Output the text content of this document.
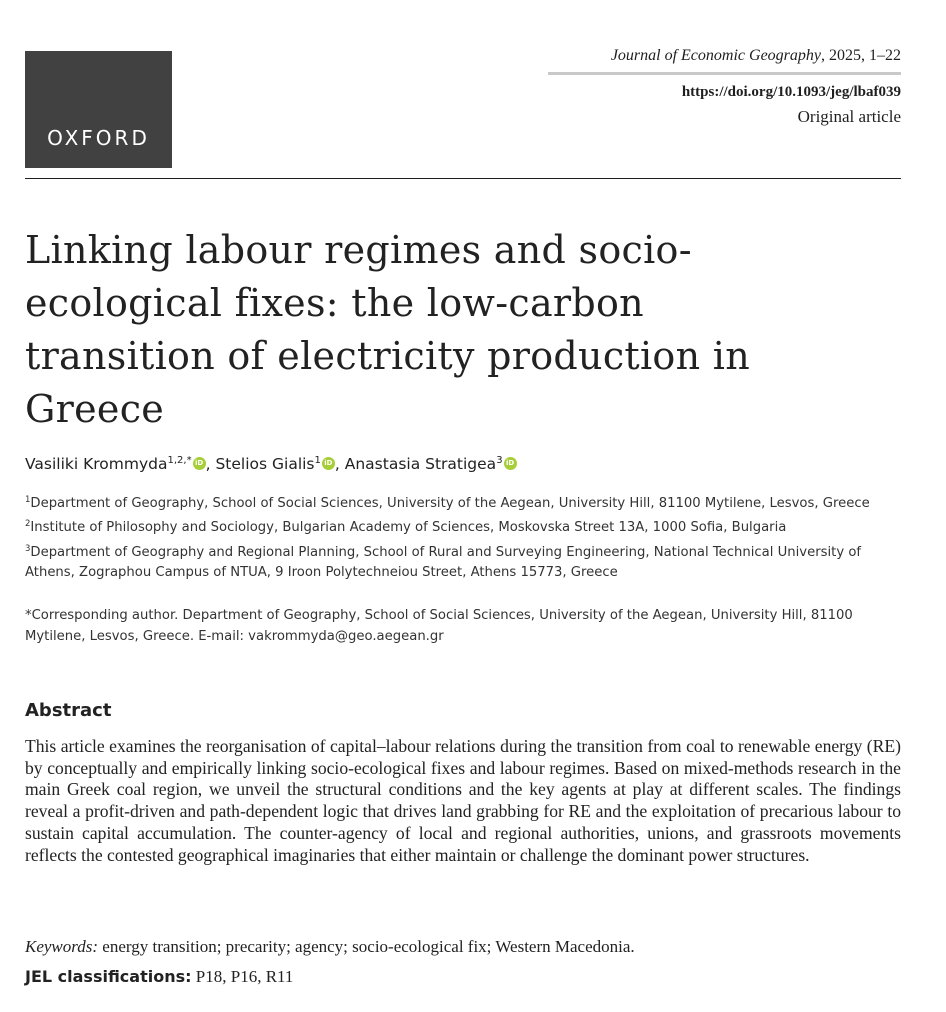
OXFORD
Journal of Economic Geography, 2025, 1–22
https://doi.org/10.1093/jeg/lbaf039
Original article
Linking labour regimes and socio-ecological fixes: the low-carbon transition of electricity production in Greece
Vasiliki Krommyda$^{1,2,*}$ iD , Stelios Gialis$^1$ iD , Anastasia Stratigea$^3$ iD

$^1$Department of Geography, School of Social Sciences, University of the Aegean, University Hill, 81100 Mytilene, Lesvos, Greece

$^2$Institute of Philosophy and Sociology, Bulgarian Academy of Sciences, Moskovska Street 13A, 1000 Sofia, Bulgaria

$^3$Department of Geography and Regional Planning, School of Rural and Surveying Engineering, National Technical University of Athens, Zographou Campus of NTUA, 9 Iroon Polytechneiou Street, Athens 15773, Greece

*Corresponding author. Department of Geography, School of Social Sciences, University of the Aegean, University Hill, 81100 Mytilene, Lesvos, Greece. E-mail: vakrommyda@geo.aegean.gr
Abstract
This article examines the reorganisation of capital–labour relations during the transition from coal to renewable energy (RE) by conceptually and empirically linking socio-ecological fixes and labour regimes. Based on mixed-methods research in the main Greek coal region, we unveil the structural conditions and the key agents at play at different scales. The findings reveal a profit-driven and path-dependent logic that drives land grabbing for RE and the exploitation of precarious labour to sustain capital accumulation. The counter-agency of local and regional authorities, unions, and grassroots movements reflects the contested geographical imaginaries that either maintain or challenge the dominant power structures.
Keywords: energy transition; precarity; agency; socio-ecological fix; Western Macedonia.
JEL classifications: P18, P16, R11
